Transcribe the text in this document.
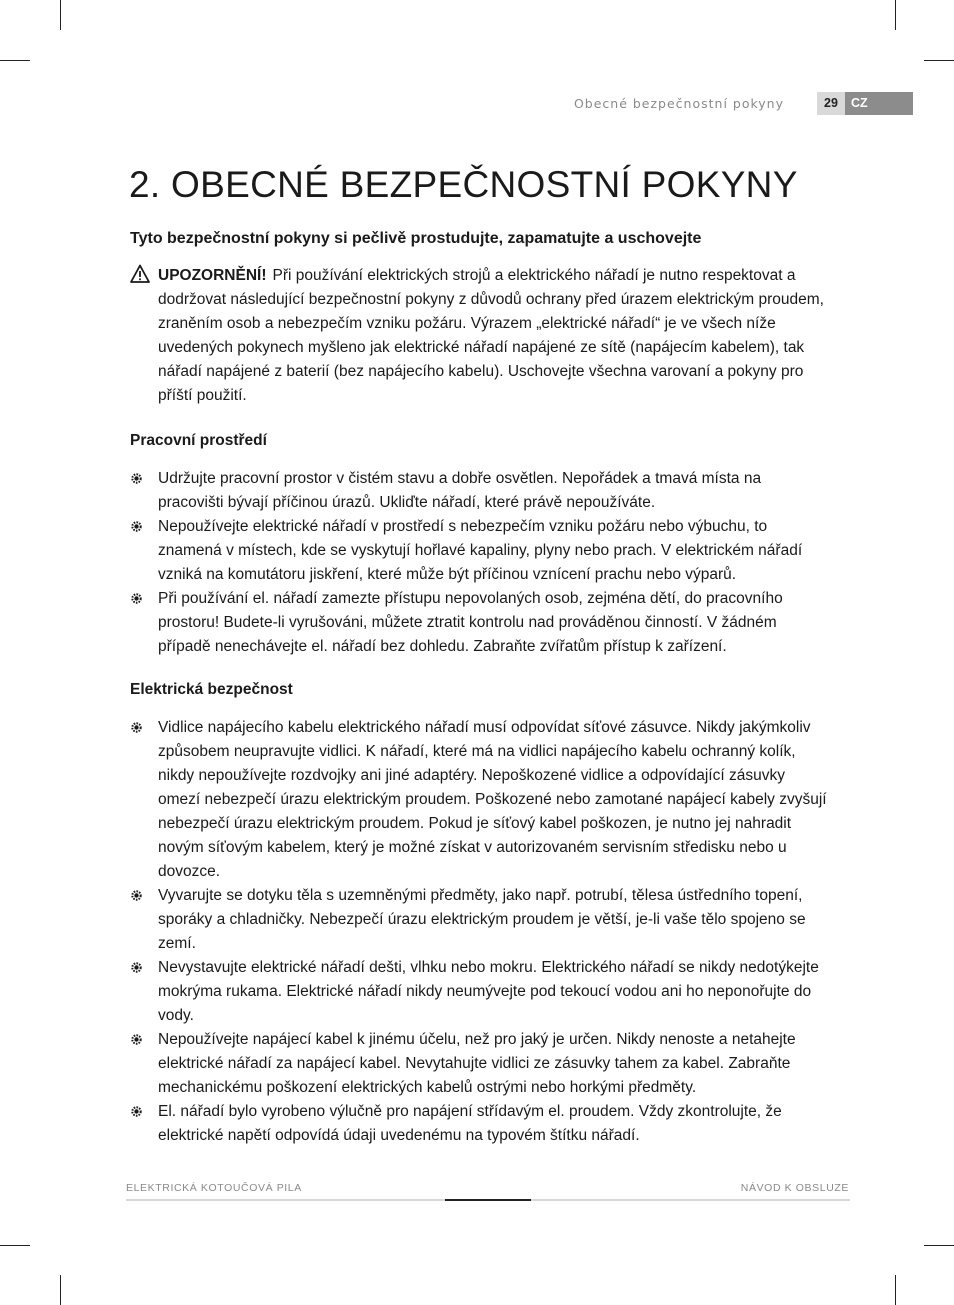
Obecné bezpečnostní pokyny	29	CZ
2. OBECNÉ BEZPEČNOSTNÍ POKYNY

Tyto bezpečnostní pokyny si pečlivě prostudujte, zapamatujte a uschovejte

UPOZORNĚNÍ! Při používání elektrických strojů a elektrického nářadí je nutno respektovat a dodržovat následující bezpečnostní pokyny z důvodů ochrany před úrazem elektrickým proudem, zraněním osob a nebezpečím vzniku požáru. Výrazem „elektrické nářadí“ je ve všech níže uvedených pokynech myšleno jak elektrické nářadí napájené ze sítě (napájecím kabelem), tak nářadí napájené z baterií (bez napájecího kabelu). Uschovejte všechna varovaní a pokyny pro příští použití.

Pracovní prostředí

Udržujte pracovní prostor v čistém stavu a dobře osvětlen. Nepořádek a tmavá místa na pracovišti bývají příčinou úrazů. Ukliďte nářadí, které právě nepoužíváte.
Nepoužívejte elektrické nářadí v prostředí s nebezpečím vzniku požáru nebo výbuchu, to znamená v místech, kde se vyskytují hořlavé kapaliny, plyny nebo prach. V elektrickém nářadí vzniká na komutátoru jiskření, které může být příčinou vznícení prachu nebo výparů.
Při používání el. nářadí zamezte přístupu nepovolaných osob, zejména dětí, do pracovního prostoru! Budete-li vyrušováni, můžete ztratit kontrolu nad prováděnou činností. V žádném případě nenechávejte el. nářadí bez dohledu. Zabraňte zvířatům přístup k zařízení.

Elektrická bezpečnost

Vidlice napájecího kabelu elektrického nářadí musí odpovídat síťové zásuvce. Nikdy jakýmkoliv způsobem neupravujte vidlici. K nářadí, které má na vidlici napájecího kabelu ochranný kolík, nikdy nepoužívejte rozdvojky ani jiné adaptéry. Nepoškozené vidlice a odpovídající zásuvky omezí nebezpečí úrazu elektrickým proudem. Poškozené nebo zamotané napájecí kabely zvyšují nebezpečí úrazu elektrickým proudem. Pokud je síťový kabel poškozen, je nutno jej nahradit novým síťovým kabelem, který je možné získat v autorizovaném servisním středisku nebo u dovozce.
Vyvarujte se dotyku těla s uzemněnými předměty, jako např. potrubí, tělesa ústředního topení, sporáky a chladničky. Nebezpečí úrazu elektrickým proudem je větší, je-li vaše tělo spojeno se zemí.
Nevystavujte elektrické nářadí dešti, vlhku nebo mokru. Elektrického nářadí se nikdy nedotýkejte mokrýma rukama. Elektrické nářadí nikdy neumývejte pod tekoucí vodou ani ho neponořujte do vody.
Nepoužívejte napájecí kabel k jinému účelu, než pro jaký je určen. Nikdy nenoste a netahejte elektrické nářadí za napájecí kabel. Nevytahujte vidlici ze zásuvky tahem za kabel. Zabraňte mechanickému poškození elektrických kabelů ostrými nebo horkými předměty.
El. nářadí bylo vyrobeno výlučně pro napájení střídavým el. proudem. Vždy zkontrolujte, že elektrické napětí odpovídá údaji uvedenému na typovém štítku nářadí.
ELEKTRICKÁ KOTOUČOVÁ PILA	NÁVOD K OBSLUZE
